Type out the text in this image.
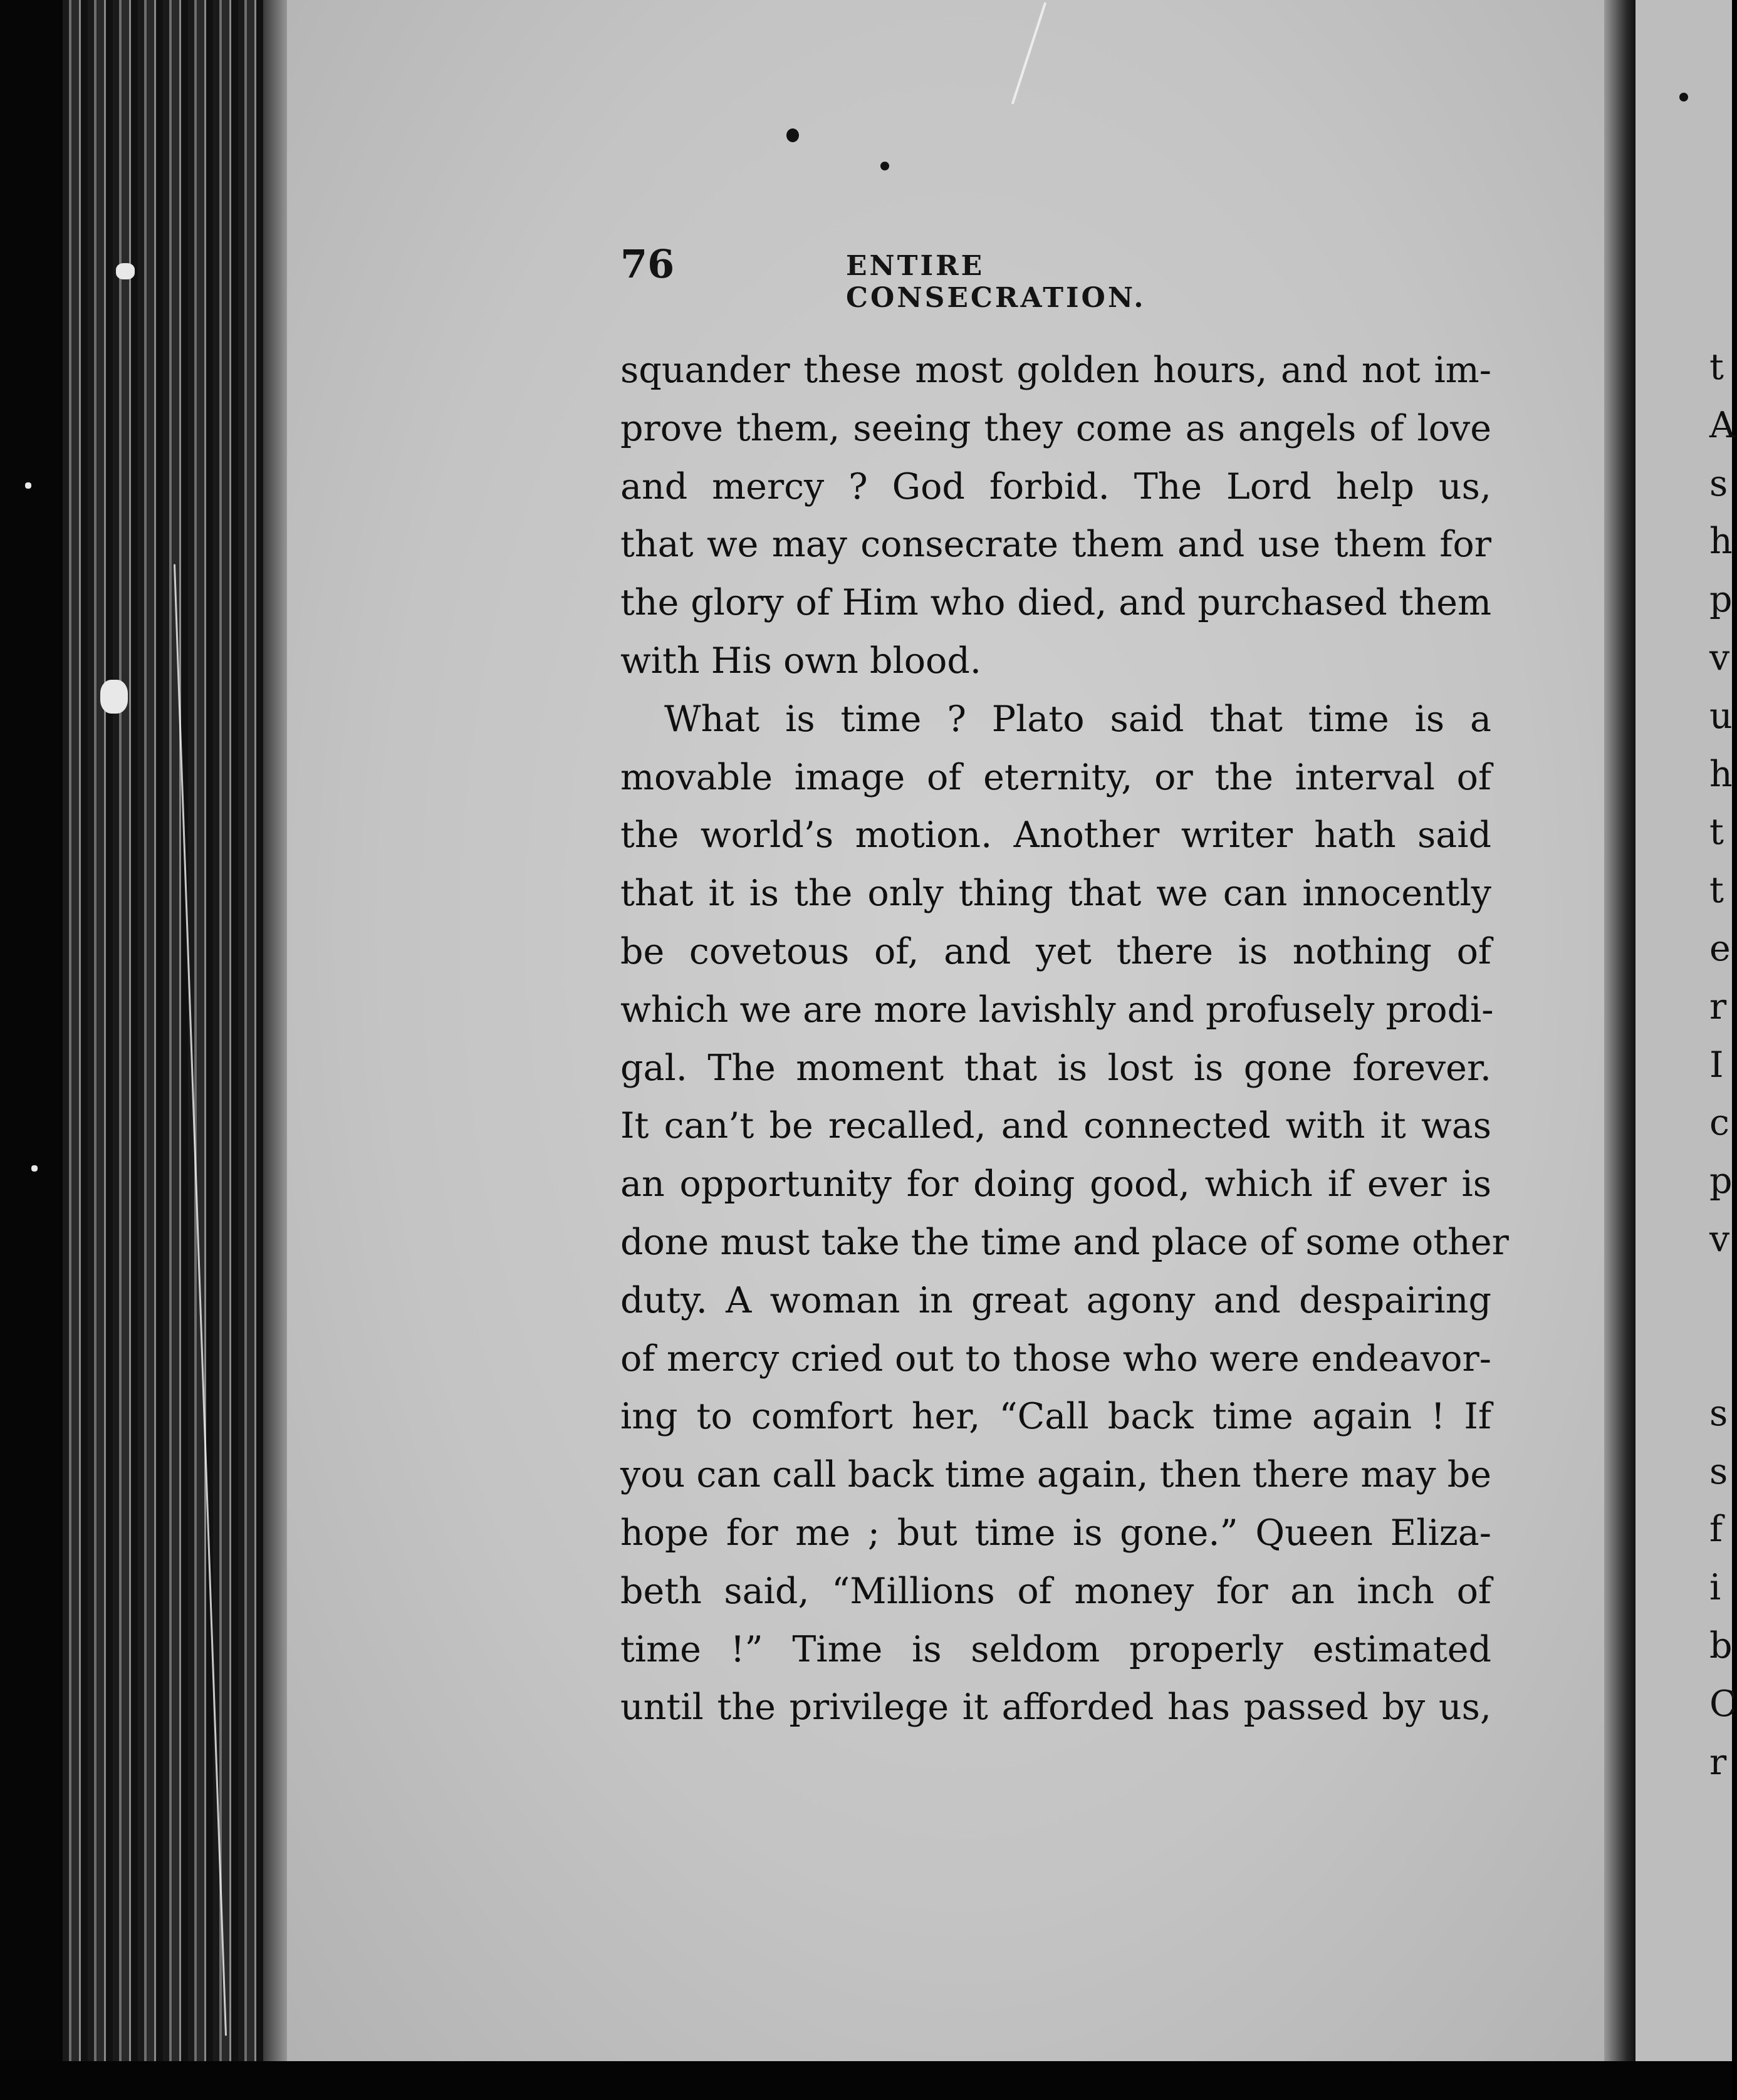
76	ENTIRE CONSECRATION.
squander these most golden hours, and not im-
prove them, seeing they come as angels of love
and mercy ? God forbid. The Lord help us,
that we may consecrate them and use them for
the glory of Him who died, and purchased them
with His own blood.
What is time ? Plato said that time is a
movable image of eternity, or the interval of
the world’s motion. Another writer hath said
that it is the only thing that we can innocently
be covetous of, and yet there is nothing of
which we are more lavishly and profusely prodi-
gal. The moment that is lost is gone forever.
It can’t be recalled, and connected with it was
an opportunity for doing good, which if ever is
done must take the time and place of some other
duty. A woman in great agony and despairing
of mercy cried out to those who were endeavor-
ing to comfort her, “Call back time again ! If
you can call back time again, then there may be
hope for me ; but time is gone.” Queen Eliza-
beth said, “Millions of money for an inch of
time !” Time is seldom properly estimated
until the privilege it afforded has passed by us,
t
A
s
h
p
v
u
h
t
t
e
r
I
c
p
v
s
s
f
i
b
C
r
